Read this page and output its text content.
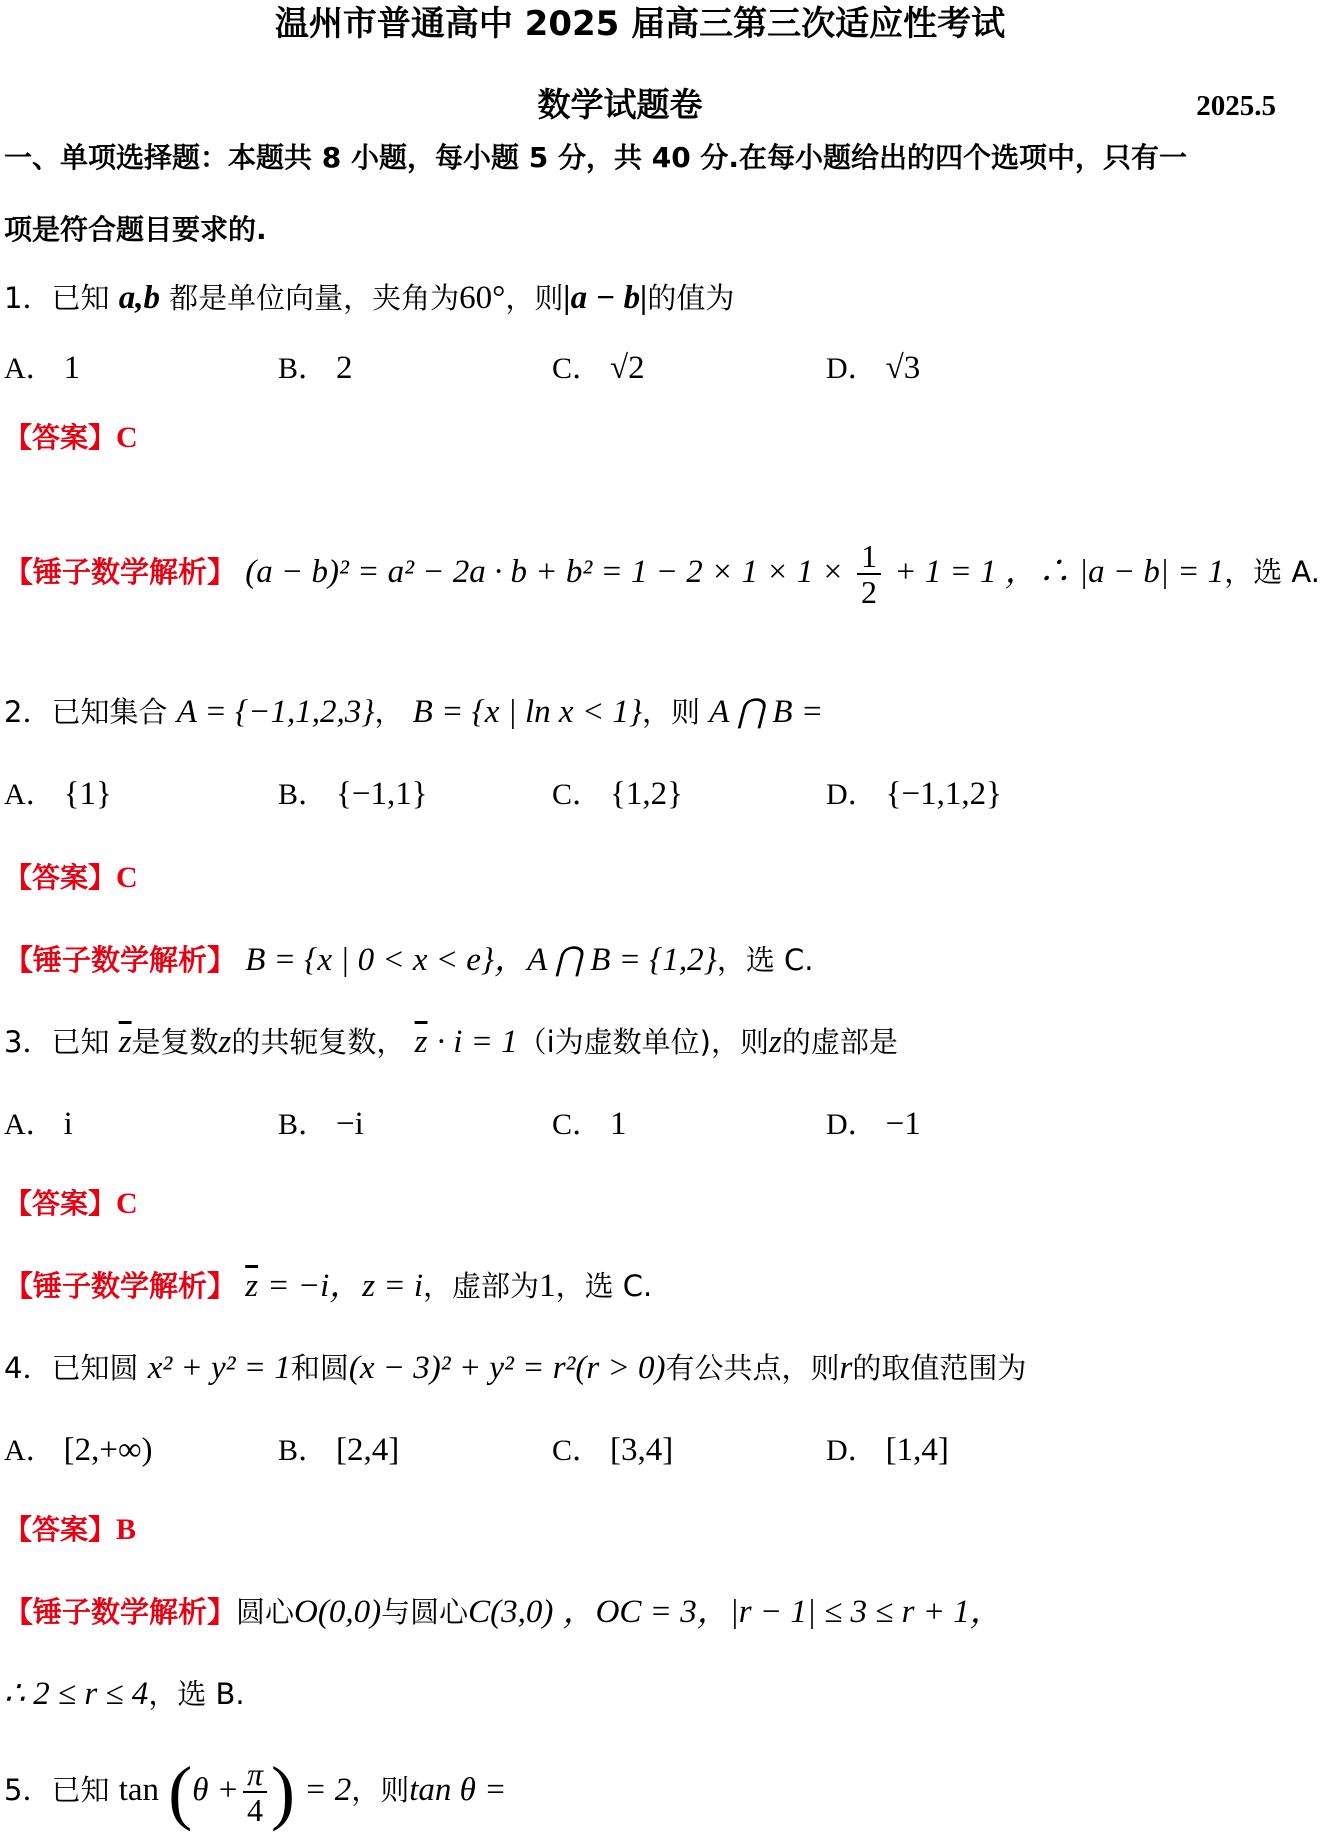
温州市普通高中 2025 届高三第三次适应性考试
数学试题卷	2025.5
一、单项选择题：本题共 8 小题，每小题 5 分，共 40 分.在每小题给出的四个选项中，只有一
项是符合题目要求的.
1．已知 a,b 都是单位向量，夹角为60°，则|a − b|的值为
A． 1	B． 2	C． √2	D． √3
【答案】C
【锤子数学解析】 $(a - b)^2 = a^2 - 2a \cdot b + b^2 = 1 - 2 \times 1 \times 1 \times \frac{1}{2} + 1 = 1$ ，∴ |a − b| = 1，选 A.
2．已知集合 A = {−1,1,2,3}， B = {x | ln x < 1}，则 A ⋂ B =
A． {1}	B． {−1,1}	C． {1,2}	D． {−1,1,2}
【答案】C
【锤子数学解析】 B = {x | 0 < x < e}，A ⋂ B = {1,2}，选 C.
3．已知 $\overline{z}$是复数z的共轭复数， $\overline{z} \cdot i = 1(i$为虚数单位)，则z的虚部是
A． i	B． −i	C． 1	D． −1
【答案】C
【锤子数学解析】 $\overline{z} = -i$，z = i，虚部为1，选 C.
4．已知圆 x² + y² = 1和圆(x − 3)² + y² = r²(r > 0)有公共点，则r的取值范围为
A． [2,+∞)	B． [2,4]	C． [3,4]	D． [1,4]
【答案】B
【锤子数学解析】圆心O(0,0)与圆心C(3,0) ，OC = 3，|r − 1| ≤ 3 ≤ r + 1，
∴ 2 ≤ r ≤ 4，选 B.
5．已知 $\tan (\theta + \frac{\pi}{4}$ ) = 2，则tan θ =
